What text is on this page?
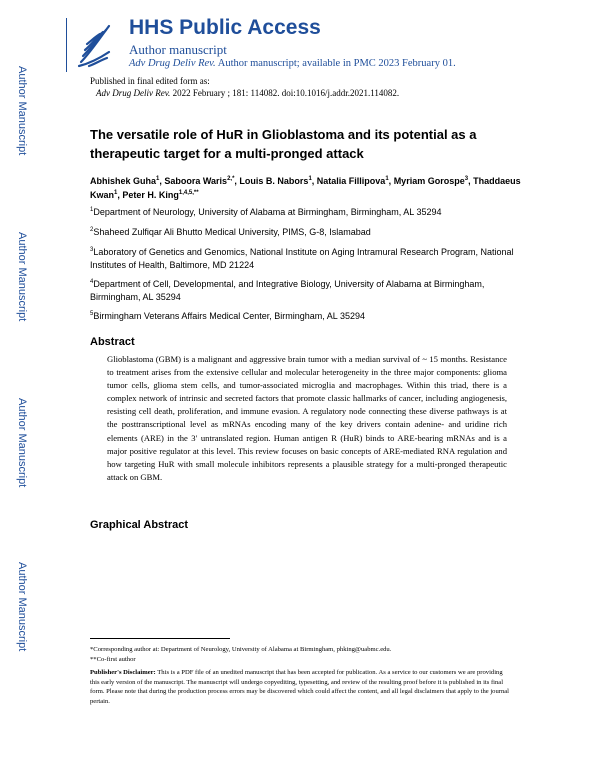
Author Manuscript
Author Manuscript
Author Manuscript
Author Manuscript
HHS Public Access
Author manuscript
Adv Drug Deliv Rev. Author manuscript; available in PMC 2023 February 01.
Published in final edited form as:
Adv Drug Deliv Rev. 2022 February ; 181: 114082. doi:10.1016/j.addr.2021.114082.
The versatile role of HuR in Glioblastoma and its potential as a therapeutic target for a multi-pronged attack
Abhishek Guha$^1$, Saboora Waris$^{2,*}$, Louis B. Nabors$^1$, Natalia Fillipova$^1$, Myriam Gorospe$^3$, Thaddaeus Kwan$^1$, Peter H. King$^{1,4,5,**}$
$^1$Department of Neurology, University of Alabama at Birmingham, Birmingham, AL 35294
$^2$Shaheed Zulfiqar Ali Bhutto Medical University, PIMS, G-8, Islamabad
$^3$Laboratory of Genetics and Genomics, National Institute on Aging Intramural Research Program, National Institutes of Health, Baltimore, MD 21224
$^4$Department of Cell, Developmental, and Integrative Biology, University of Alabama at Birmingham, Birmingham, AL 35294
$^5$Birmingham Veterans Affairs Medical Center, Birmingham, AL 35294
Abstract
Glioblastoma (GBM) is a malignant and aggressive brain tumor with a median survival of ~ 15 months. Resistance to treatment arises from the extensive cellular and molecular heterogeneity in the three major components: glioma tumor cells, glioma stem cells, and tumor-associated microglia and macrophages. Within this triad, there is a complex network of intrinsic and secreted factors that promote classic hallmarks of cancer, including angiogenesis, resisting cell death, proliferation, and immune evasion. A regulatory node connecting these diverse pathways is at the posttranscriptional level as mRNAs encoding many of the key drivers contain adenine- and uridine rich elements (ARE) in the 3′ untranslated region. Human antigen R (HuR) binds to ARE-bearing mRNAs and is a major positive regulator at this level. This review focuses on basic concepts of ARE-mediated RNA regulation and how targeting HuR with small molecule inhibitors represents a plausible strategy for a multi-pronged therapeutic attack on GBM.
Graphical Abstract
*Corresponding author at: Department of Neurology, University of Alabama at Birmingham, phking@uabmc.edu.
**Co-first author
Publisher's Disclaimer: This is a PDF file of an unedited manuscript that has been accepted for publication. As a service to our customers we are providing this early version of the manuscript. The manuscript will undergo copyediting, typesetting, and review of the resulting proof before it is published in its final form. Please note that during the production process errors may be discovered which could affect the content, and all legal disclaimers that apply to the journal pertain.
